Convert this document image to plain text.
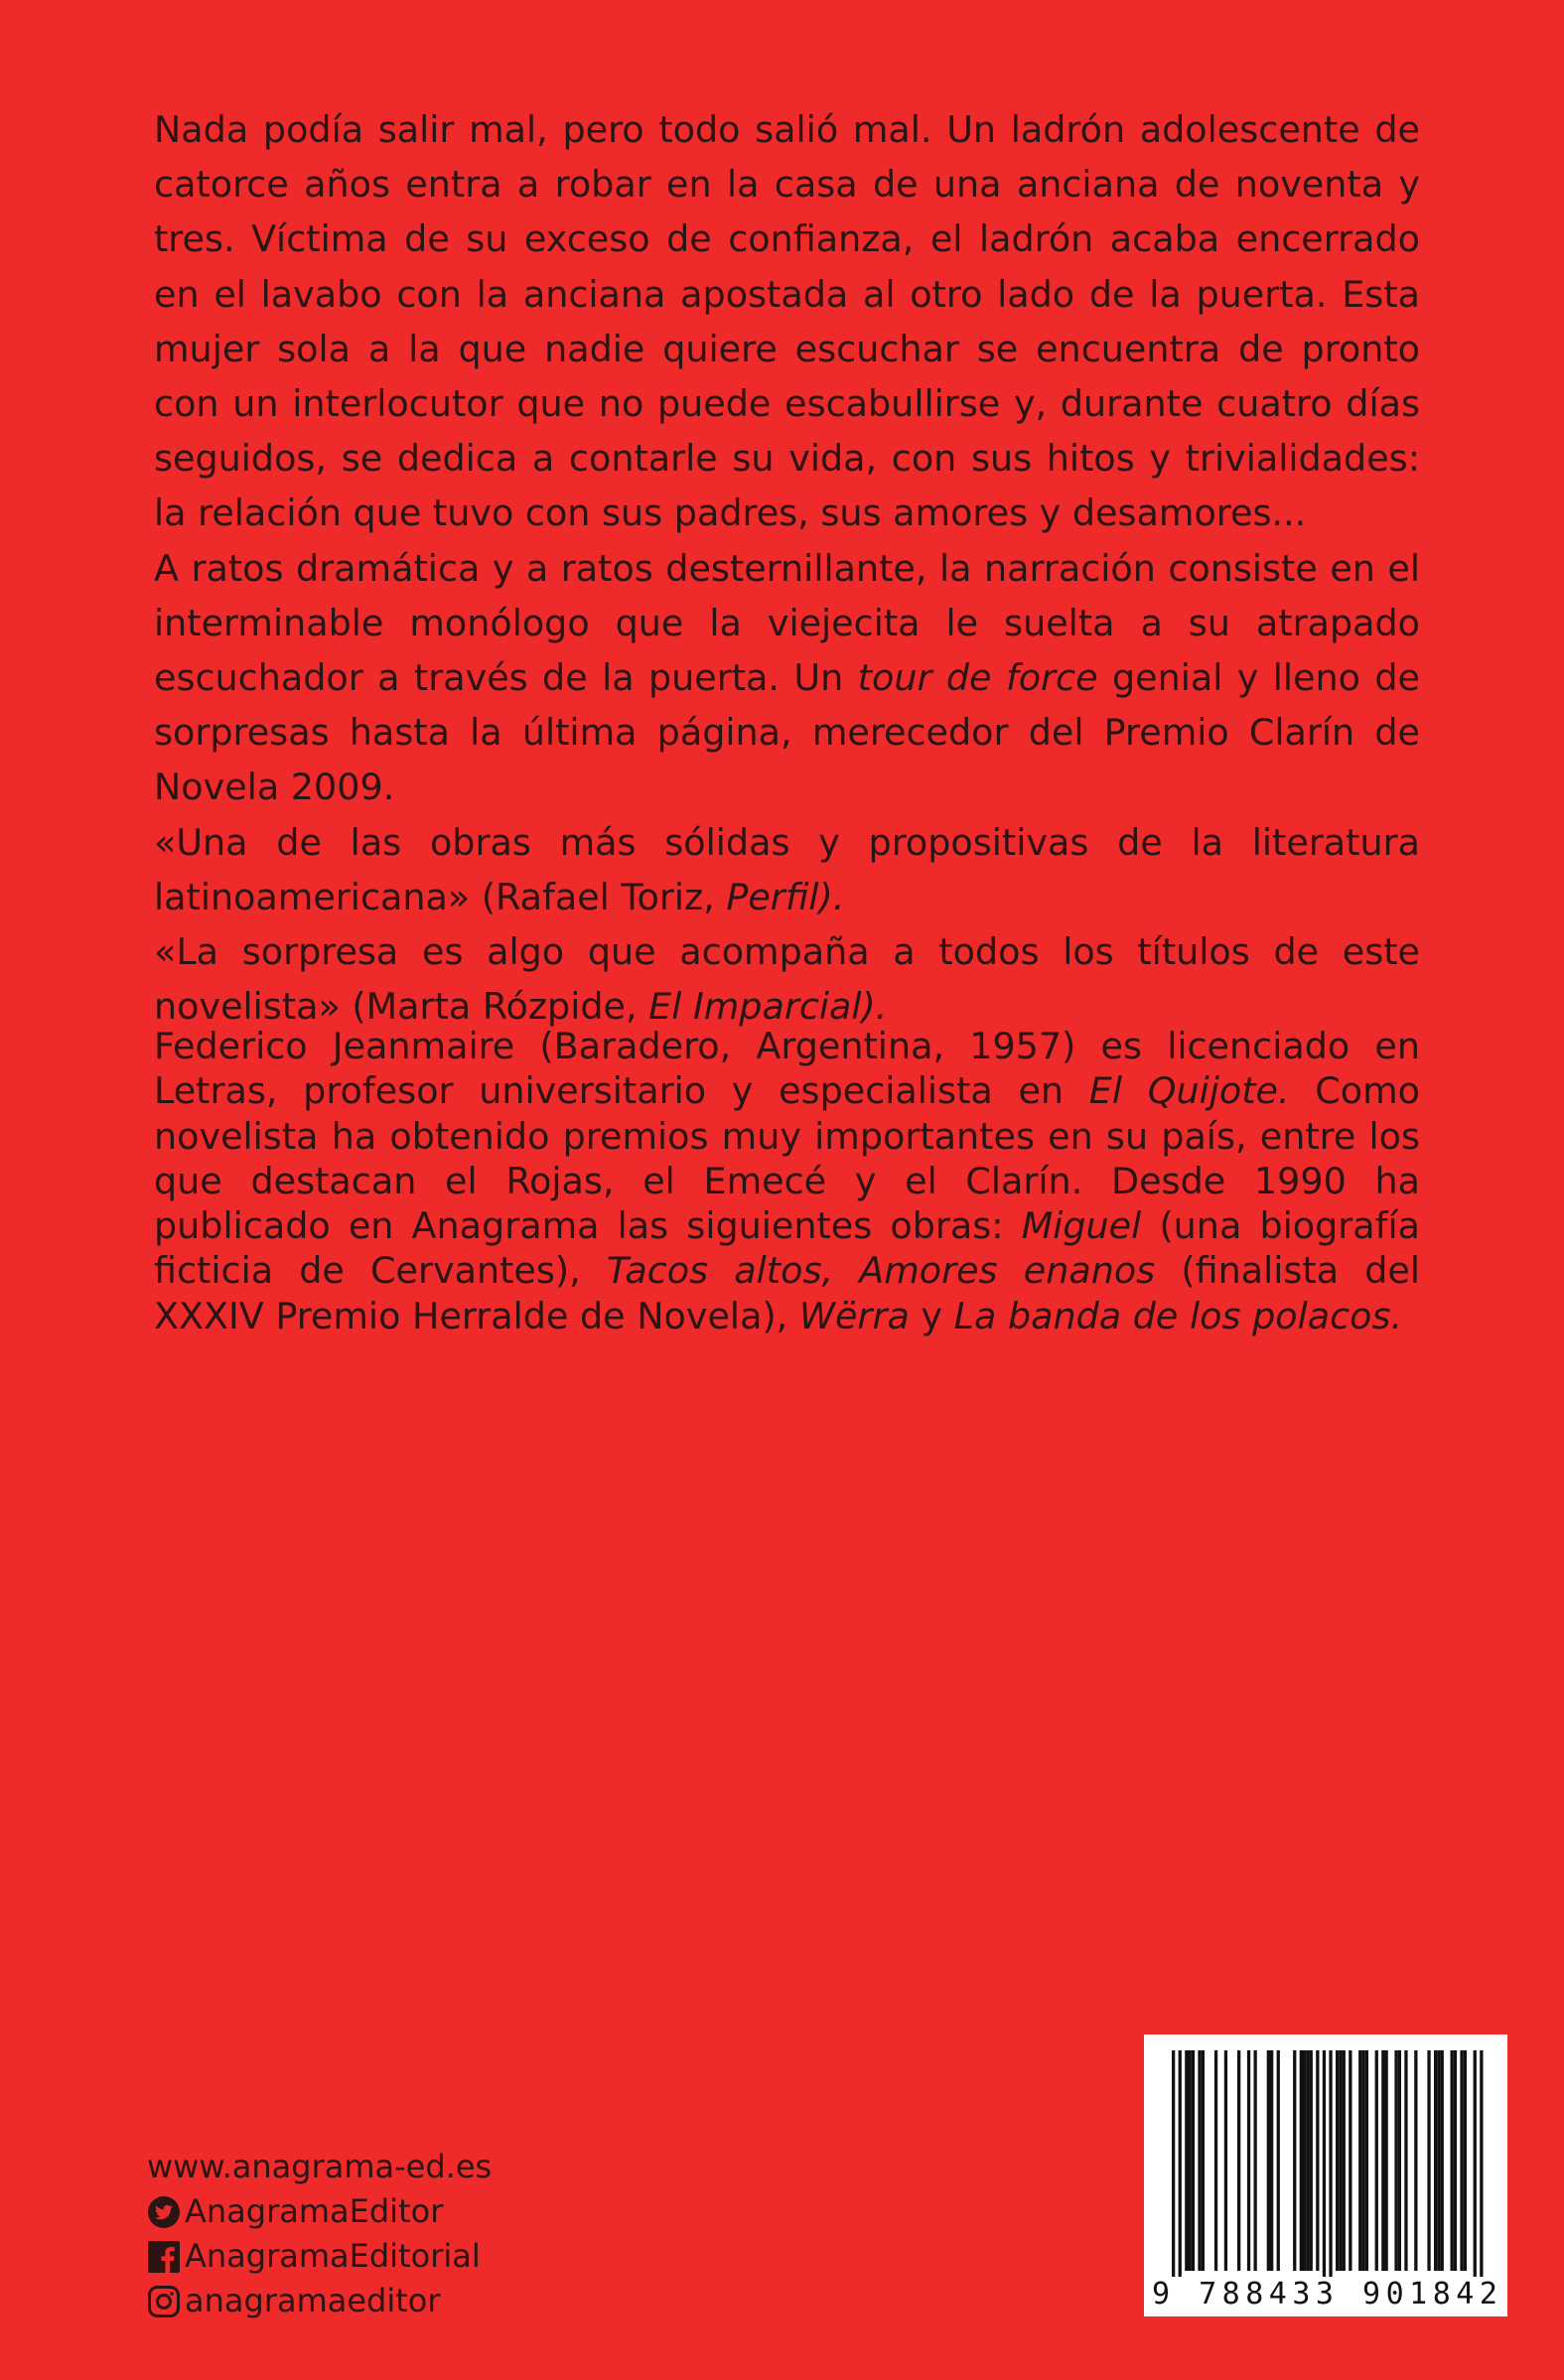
Nada podía salir mal, pero todo salió mal. Un ladrón adolescente de catorce años entra a robar en la casa de una anciana de noventa y tres. Víctima de su exceso de confianza, el ladrón acaba encerrado en el lavabo con la anciana apostada al otro lado de la puerta. Esta mujer sola a la que nadie quiere escuchar se encuentra de pronto con un interlocutor que no puede escabullirse y, durante cuatro días seguidos, se dedica a contarle su vida, con sus hitos y trivialidades: la relación que tuvo con sus padres, sus amores y desamores...

A ratos dramática y a ratos desternillante, la narración consiste en el interminable monólogo que la viejecita le suelta a su atrapado escuchador a través de la puerta. Un tour de force genial y lleno de sorpresas hasta la última página, merecedor del Premio Clarín de Novela 2009.

«Una de las obras más sólidas y propositivas de la literatura latinoamericana» (Rafael Toriz, Perfil).

«La sorpresa es algo que acompaña a todos los títulos de este novelista» (Marta Rózpide, El Imparcial).

Federico Jeanmaire (Baradero, Argentina, 1957) es licenciado en Letras, profesor universitario y especialista en El Quijote. Como novelista ha obtenido premios muy importantes en su país, entre los que destacan el Rojas, el Emecé y el Clarín. Desde 1990 ha publicado en Anagrama las siguientes obras: Miguel (una biografía ficticia de Cervantes), Tacos altos, Amores enanos (finalista del XXXIV Premio Herralde de Novela), Wërra y La banda de los polacos.

www.anagrama-ed.es
AnagramaEditor
AnagramaEditorial
anagramaeditor	9 788433 901842
